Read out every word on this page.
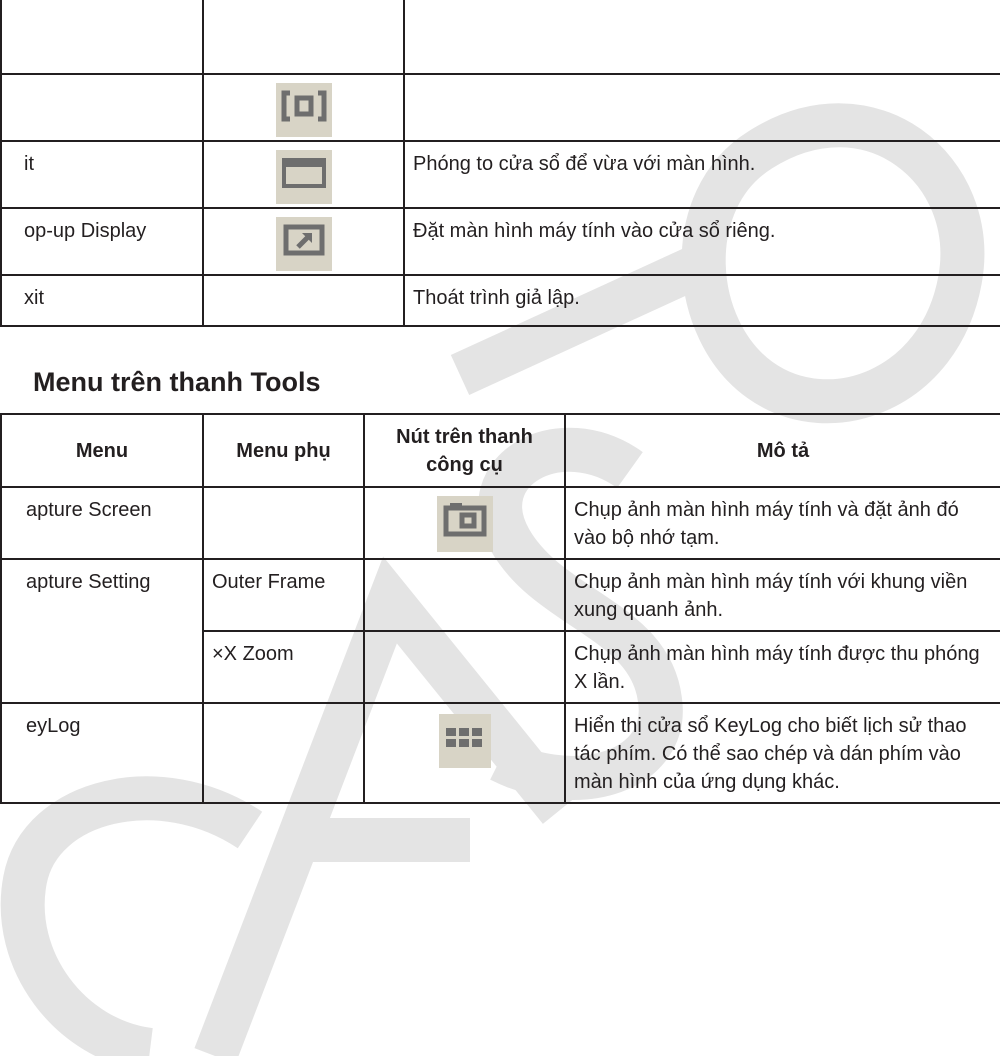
it		Phóng to cửa sổ để vừa với màn hình.
op-up Display		Đặt màn hình máy tính vào cửa sổ riêng.
xit		Thoát trình giả lập.
Menu trên thanh Tools
Menu	Menu phụ	Nút trên thanh công cụ	Mô tả
apture Screen			Chụp ảnh màn hình máy tính và đặt ảnh đó vào bộ nhớ tạm.
apture Setting	Outer Frame		Chụp ảnh màn hình máy tính với khung viền xung quanh ảnh.
	×X Zoom		Chụp ảnh màn hình máy tính được thu phóng X lần.
eyLog			Hiển thị cửa sổ KeyLog cho biết lịch sử thao tác phím. Có thể sao chép và dán phím vào màn hình của ứng dụng khác.
